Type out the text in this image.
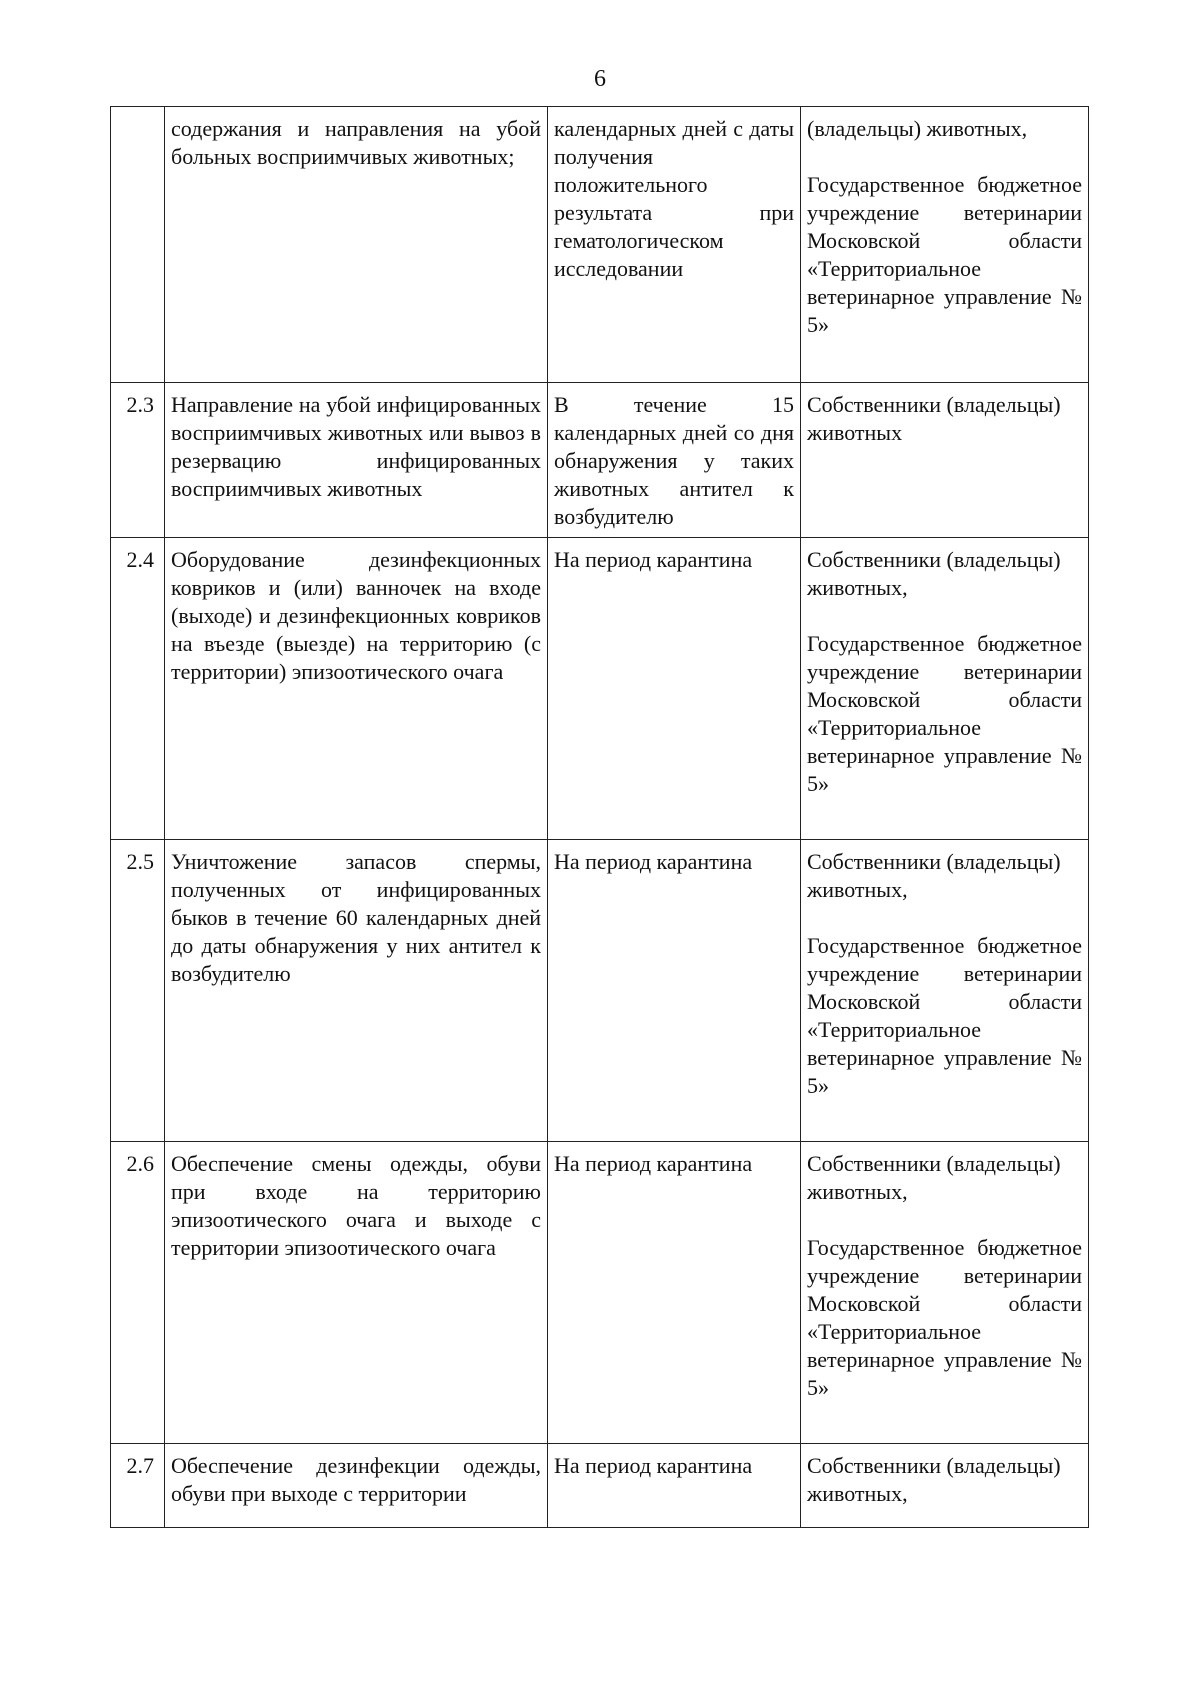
6
	содержания и направления на убой больных восприимчивых животных;	календарных дней с даты получения положительного результата при гематологическом исследовании	(владельцы) животных,
Государственное бюджетное учреждение ветеринарии Московской области «Территориальное ветеринарное управление № 5»

2.3	Направление на убой инфицированных восприимчивых животных или вывоз в резервацию инфицированных восприимчивых животных	В течение 15 календарных дней со дня обнаружения у таких животных антител к возбудителю	Собственники (владельцы) животных

2.4	Оборудование дезинфекционных ковриков и (или) ванночек на входе (выходе) и дезинфекционных ковриков на въезде (выезде) на территорию (с территории) эпизоотического очага	На период карантина	Собственники (владельцы) животных,
Государственное бюджетное учреждение ветеринарии Московской области «Территориальное ветеринарное управление № 5»

2.5	Уничтожение запасов спермы, полученных от инфицированных быков в течение 60 календарных дней до даты обнаружения у них антител к возбудителю	На период карантина	Собственники (владельцы) животных,
Государственное бюджетное учреждение ветеринарии Московской области «Территориальное ветеринарное управление № 5»

2.6	Обеспечение смены одежды, обуви при входе на территорию эпизоотического очага и выходе с территории эпизоотического очага	На период карантина	Собственники (владельцы) животных,
Государственное бюджетное учреждение ветеринарии Московской области «Территориальное ветеринарное управление № 5»

2.7	Обеспечение дезинфекции одежды, обуви при выходе с территории	На период карантина	Собственники (владельцы) животных,
